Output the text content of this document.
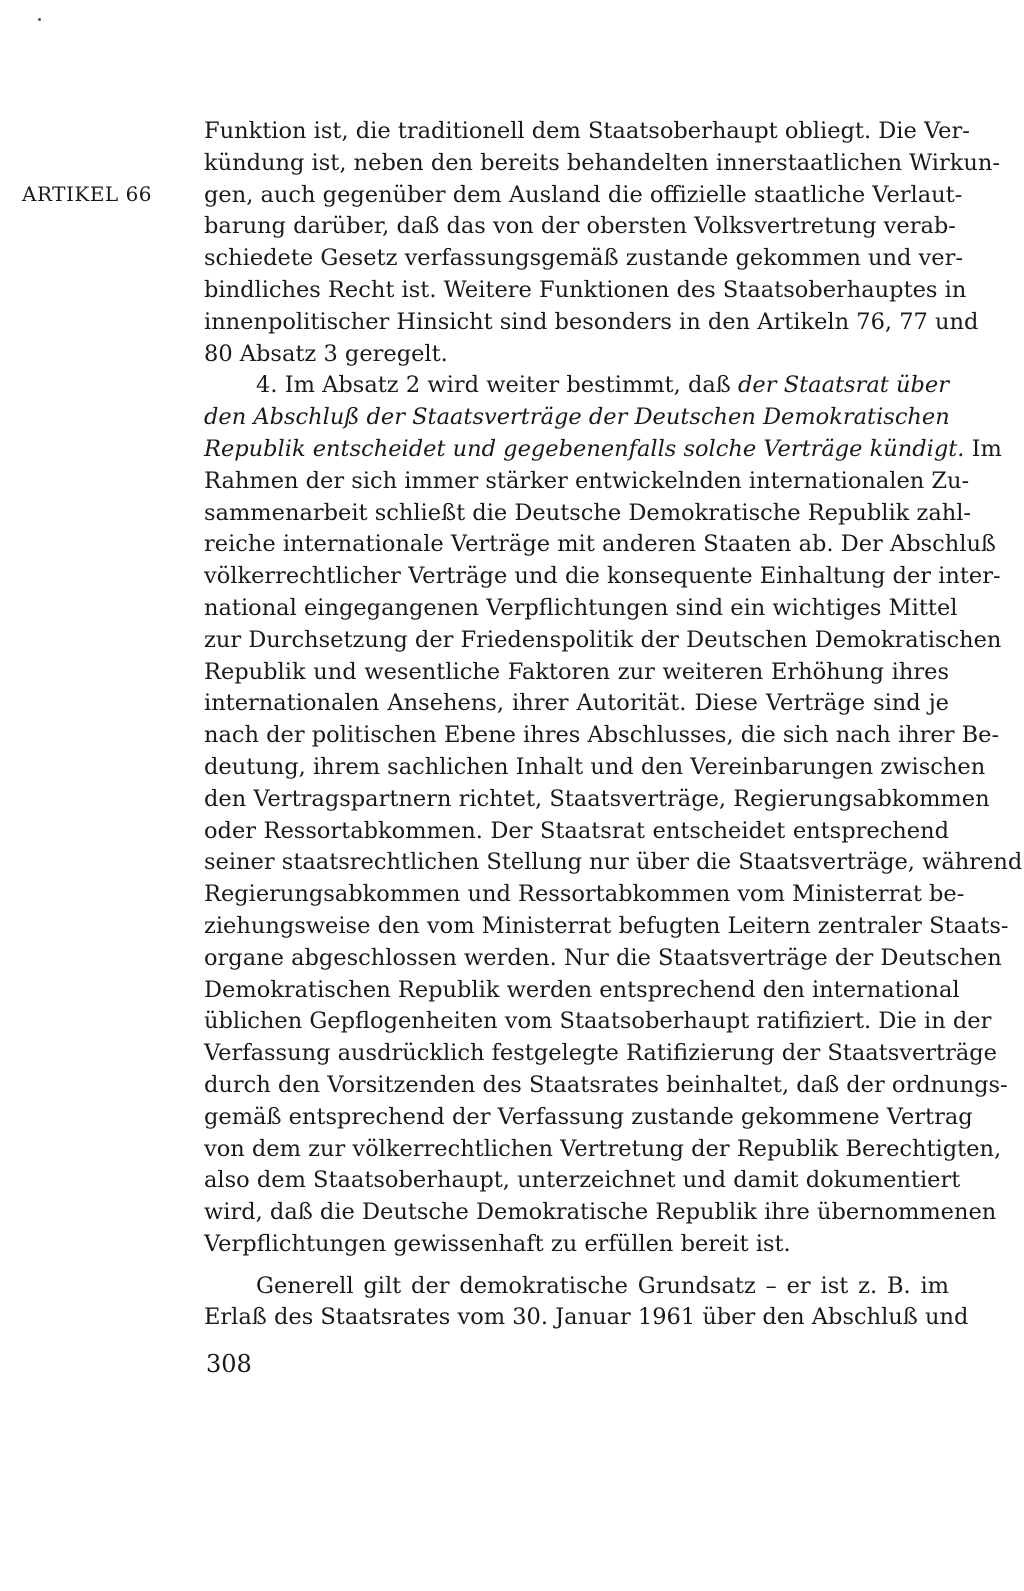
ARTIKEL 66
Funktion ist, die traditionell dem Staatsoberhaupt obliegt. Die Ver-
kündung ist, neben den bereits behandelten innerstaatlichen Wirkun-
gen, auch gegenüber dem Ausland die offizielle staatliche Verlaut-
barung darüber, daß das von der obersten Volksvertretung verab-
schiedete Gesetz verfassungsgemäß zustande gekommen und ver-
bindliches Recht ist. Weitere Funktionen des Staatsoberhauptes in
innenpolitischer Hinsicht sind besonders in den Artikeln 76, 77 und
80 Absatz 3 geregelt.
4. Im Absatz 2 wird weiter bestimmt, daß der Staatsrat über
den Abschluß der Staatsverträge der Deutschen Demokratischen
Republik entscheidet und gegebenenfalls solche Verträge kündigt. Im
Rahmen der sich immer stärker entwickelnden internationalen Zu-
sammenarbeit schließt die Deutsche Demokratische Republik zahl-
reiche internationale Verträge mit anderen Staaten ab. Der Abschluß
völkerrechtlicher Verträge und die konsequente Einhaltung der inter-
national eingegangenen Verpflichtungen sind ein wichtiges Mittel
zur Durchsetzung der Friedenspolitik der Deutschen Demokratischen
Republik und wesentliche Faktoren zur weiteren Erhöhung ihres
internationalen Ansehens, ihrer Autorität. Diese Verträge sind je
nach der politischen Ebene ihres Abschlusses, die sich nach ihrer Be-
deutung, ihrem sachlichen Inhalt und den Vereinbarungen zwischen
den Vertragspartnern richtet, Staatsverträge, Regierungsabkommen
oder Ressortabkommen. Der Staatsrat entscheidet entsprechend
seiner staatsrechtlichen Stellung nur über die Staatsverträge, während
Regierungsabkommen und Ressortabkommen vom Ministerrat be-
ziehungsweise den vom Ministerrat befugten Leitern zentraler Staats-
organe abgeschlossen werden. Nur die Staatsverträge der Deutschen
Demokratischen Republik werden entsprechend den international
üblichen Gepflogenheiten vom Staatsoberhaupt ratifiziert. Die in der
Verfassung ausdrücklich festgelegte Ratifizierung der Staatsverträge
durch den Vorsitzenden des Staatsrates beinhaltet, daß der ordnungs-
gemäß entsprechend der Verfassung zustande gekommene Vertrag
von dem zur völkerrechtlichen Vertretung der Republik Berechtigten,
also dem Staatsoberhaupt, unterzeichnet und damit dokumentiert
wird, daß die Deutsche Demokratische Republik ihre übernommenen
Verpflichtungen gewissenhaft zu erfüllen bereit ist.
Generell gilt der demokratische Grundsatz – er ist z. B. im
Erlaß des Staatsrates vom 30. Januar 1961 über den Abschluß und
308
